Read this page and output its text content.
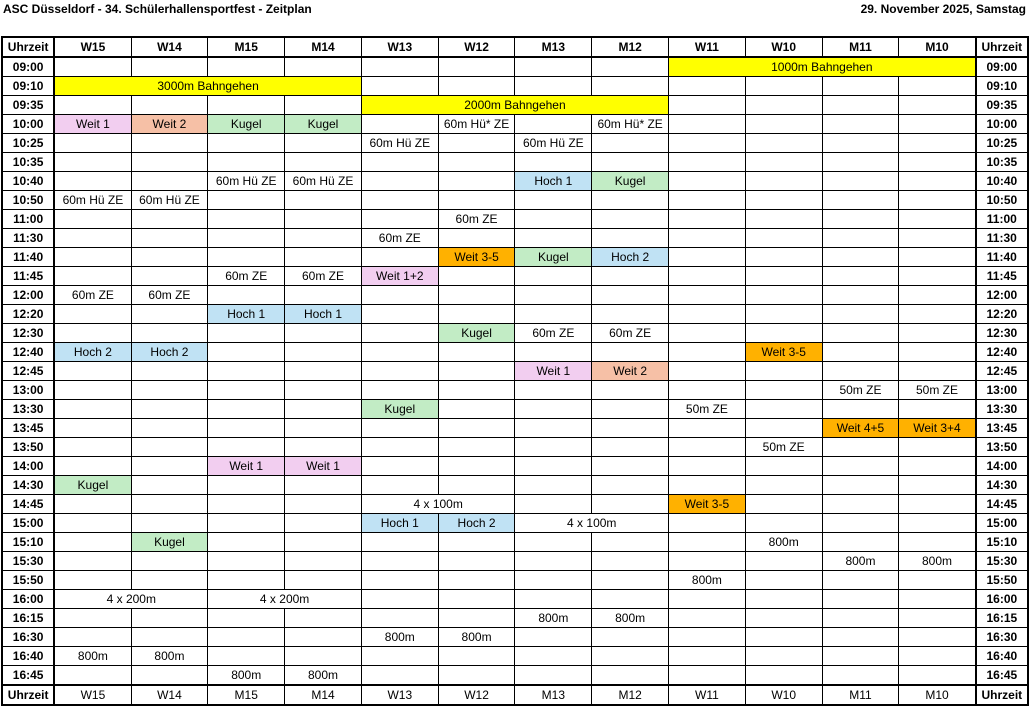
ASC Düsseldorf - 34. Schülerhallensportfest - Zeitplan	29. November 2025, Samstag
Uhrzeit	W15	W14	M15	M14	W13	W12	M13	M12	W11	W10	M11	M10	Uhrzeit
09:00									1000m Bahngehen				09:00
09:10	3000m Bahngehen												09:10
09:35					2000m Bahngehen								09:35
10:00	Weit 1	Weit 2	Kugel	Kugel		60m Hü* ZE		60m Hü* ZE					10:00
10:25					60m Hü ZE		60m Hü ZE						10:25
10:35													10:35
10:40			60m Hü ZE	60m Hü ZE			Hoch 1	Kugel					10:40
10:50	60m Hü ZE	60m Hü ZE											10:50
11:00						60m ZE							11:00
11:30					60m ZE								11:30
11:40						Weit 3-5	Kugel	Hoch 2					11:40
11:45			60m ZE	60m ZE	Weit 1+2								11:45
12:00	60m ZE	60m ZE											12:00
12:20			Hoch 1	Hoch 1									12:20
12:30						Kugel	60m ZE	60m ZE					12:30
12:40	Hoch 2	Hoch 2								Weit 3-5			12:40
12:45							Weit 1	Weit 2					12:45
13:00											50m ZE	50m ZE	13:00
13:30					Kugel				50m ZE				13:30
13:45											Weit 4+5	Weit 3+4	13:45
13:50										50m ZE			13:50
14:00			Weit 1	Weit 1									14:00
14:30	Kugel												14:30
14:45					4 x 100m				Weit 3-5				14:45
15:00					Hoch 1	Hoch 2	4 x 100m						15:00
15:10		Kugel								800m			15:10
15:30											800m	800m	15:30
15:50									800m				15:50
16:00	4 x 200m		4 x 200m										16:00
16:15							800m	800m					16:15
16:30					800m	800m							16:30
16:40	800m	800m											16:40
16:45			800m	800m									16:45
Uhrzeit	W15	W14	M15	M14	W13	W12	M13	M12	W11	W10	M11	M10	Uhrzeit
